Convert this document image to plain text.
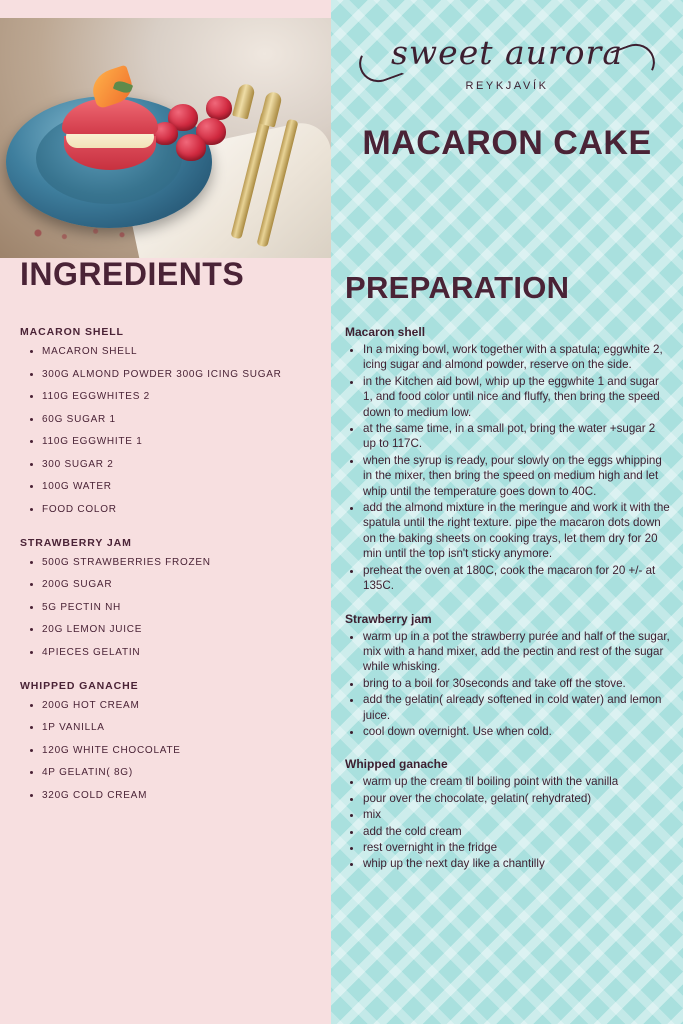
INGREDIENTS
MACARON SHELL
• MACARON SHELL
• 300G ALMOND POWDER 300G ICING SUGAR
• 110G EGGWHITES 2
• 60G SUGAR 1
• 110G EGGWHITE 1
• 300 SUGAR 2
• 100G WATER
• FOOD COLOR
STRAWBERRY JAM
• 500G STRAWBERRIES FROZEN
• 200G SUGAR
• 5G PECTIN NH
• 20G LEMON JUICE
• 4PIECES GELATIN
WHIPPED GANACHE
• 200G HOT CREAM
• 1P VANILLA
• 120G WHITE CHOCOLATE
• 4P GELATIN( 8G)
• 320G COLD CREAM
sweet aurora
REYKJAVÍK
MACARON CAKE
PREPARATION
Macaron shell
• In a mixing bowl, work together with a spatula; eggwhite 2, icing sugar and almond powder, reserve on the side.
• in the Kitchen aid bowl, whip up the eggwhite 1 and sugar 1, and food color until nice and fluffy, then bring the speed down to medium low.
• at the same time, in a small pot, bring the water +sugar 2 up to 117C.
• when the syrup is ready, pour slowly on the eggs whipping in the mixer, then bring the speed on medium high and let whip until the temperature goes down to 40C.
• add the almond mixture in the meringue and work it with the spatula until the right texture. pipe the macaron dots down on the baking sheets on cooking trays, let them dry for 20 min until the top isn't sticky anymore.
• preheat the oven at 180C, cook the macaron for 20 +/- at 135C.
Strawberry jam
• warm up in a pot the strawberry purée and half of the sugar, mix with a hand mixer, add the pectin and rest of the sugar while whisking.
• bring to a boil for 30seconds and take off the stove.
• add the gelatin( already softened in cold water) and lemon juice.
• cool down overnight. Use when cold.
Whipped ganache
• warm up the cream til boiling point with the vanilla
• pour over the chocolate, gelatin( rehydrated)
• mix
• add the cold cream
• rest overnight in the fridge
• whip up the next day like a chantilly
